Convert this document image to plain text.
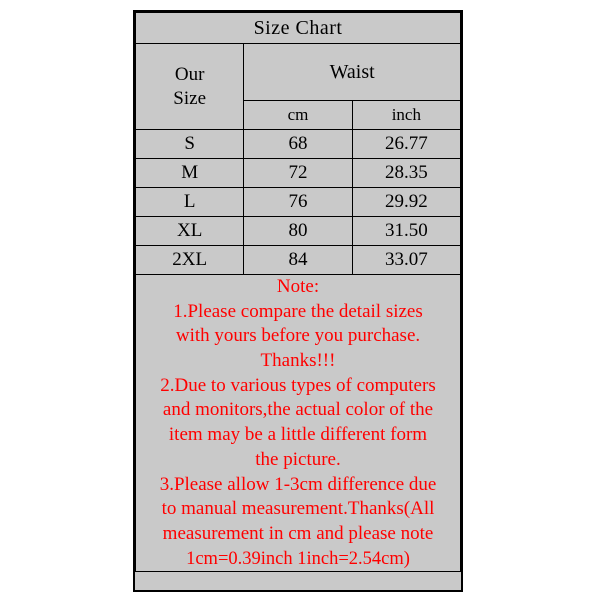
Size Chart		

Our
Size	Waist	
	cm	inch
S	68	26.77
M	72	28.35
L	76	29.92
XL	80	31.50
2XL	84	33.07

Note:
1.Please compare the detail sizes
with yours before you purchase.
Thanks!!!
2.Due to various types of computers
and monitors,the actual color of the
item may be a little different form
the picture.
3.Please allow 1-3cm difference due
to manual measurement.Thanks(All
measurement in cm and please note
1cm=0.39inch 1inch=2.54cm)
